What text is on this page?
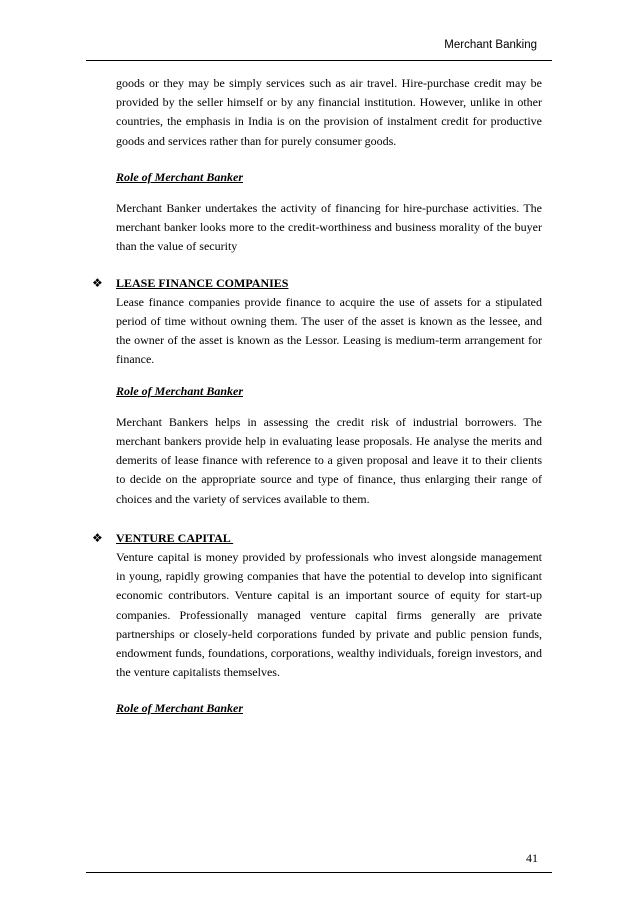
Merchant Banking

goods or they may be simply services such as air travel. Hire-purchase credit may be provided by the seller himself or by any financial institution. However, unlike in other countries, the emphasis in India is on the provision of instalment credit for productive goods and services rather than for purely consumer goods.

Role of Merchant Banker

Merchant Banker undertakes the activity of financing for hire-purchase activities. The merchant banker looks more to the credit-worthiness and business morality of the buyer than the value of security

❖ LEASE FINANCE COMPANIES

Lease finance companies provide finance to acquire the use of assets for a stipulated period of time without owning them. The user of the asset is known as the lessee, and the owner of the asset is known as the Lessor. Leasing is medium-term arrangement for finance.

Role of Merchant Banker

Merchant Bankers helps in assessing the credit risk of industrial borrowers. The merchant bankers provide help in evaluating lease proposals. He analyse the merits and demerits of lease finance with reference to a given proposal and leave it to their clients to decide on the appropriate source and type of finance, thus enlarging their range of choices and the variety of services available to them.

❖ VENTURE CAPITAL

Venture capital is money provided by professionals who invest alongside management in young, rapidly growing companies that have the potential to develop into significant economic contributors. Venture capital is an important source of equity for start-up companies. Professionally managed venture capital firms generally are private partnerships or closely-held corporations funded by private and public pension funds, endowment funds, foundations, corporations, wealthy individuals, foreign investors, and the venture capitalists themselves.

Role of Merchant Banker

41
